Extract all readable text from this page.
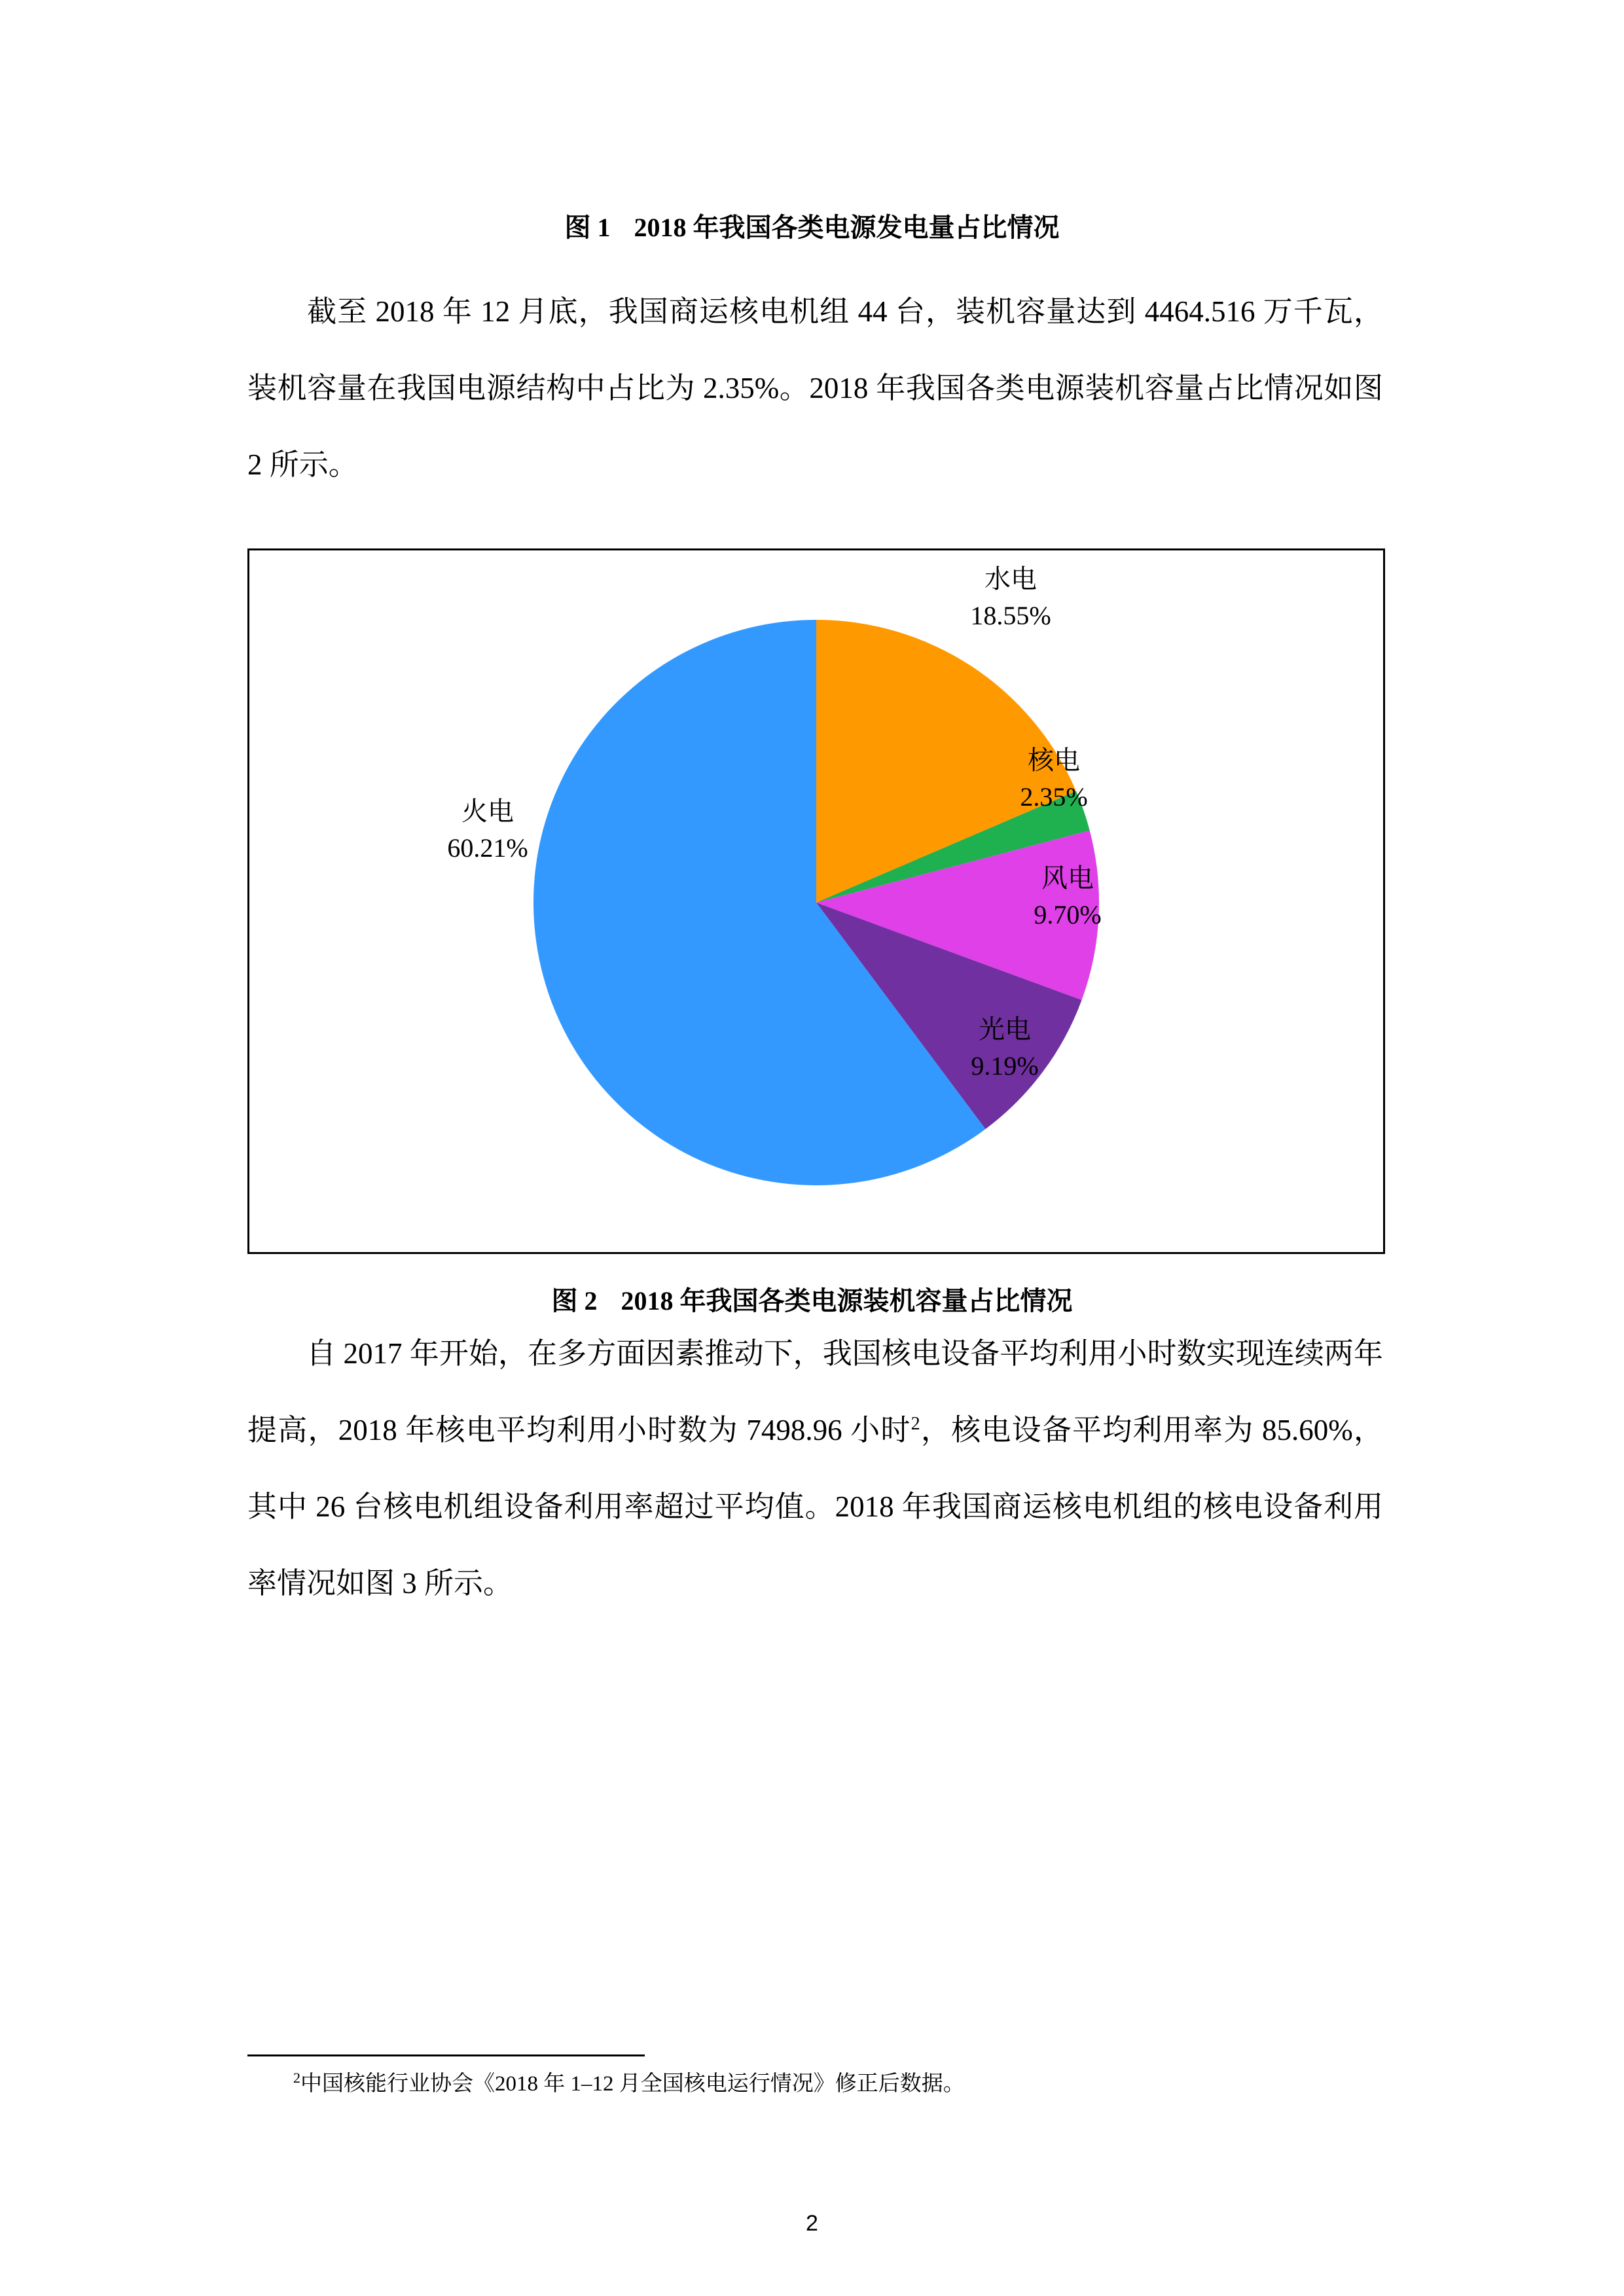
图 1 2018 年我国各类电源发电量占比情况

截至 2018 年 12 月底，我国商运核电机组 44 台，装机容量达到 4464.516 万千瓦，装机容量在我国电源结构中占比为 2.35%。2018 年我国各类电源装机容量占比情况如图 2 所示。

水电
18.55%
核电
2.35%
风电
9.70%
光电
9.19%
火电
60.21%
图 2 2018 年我国各类电源装机容量占比情况

自 2017 年开始，在多方面因素推动下，我国核电设备平均利用小时数实现连续两年提高，2018 年核电平均利用小时数为 7498.96 小时$^2$，核电设备平均利用率为 85.60%，其中 26 台核电机组设备利用率超过平均值。2018 年我国商运核电机组的核电设备利用率情况如图 3 所示。

$^2$中国核能行业协会《2018 年 1–12 月全国核电运行情况》修正后数据。
2
